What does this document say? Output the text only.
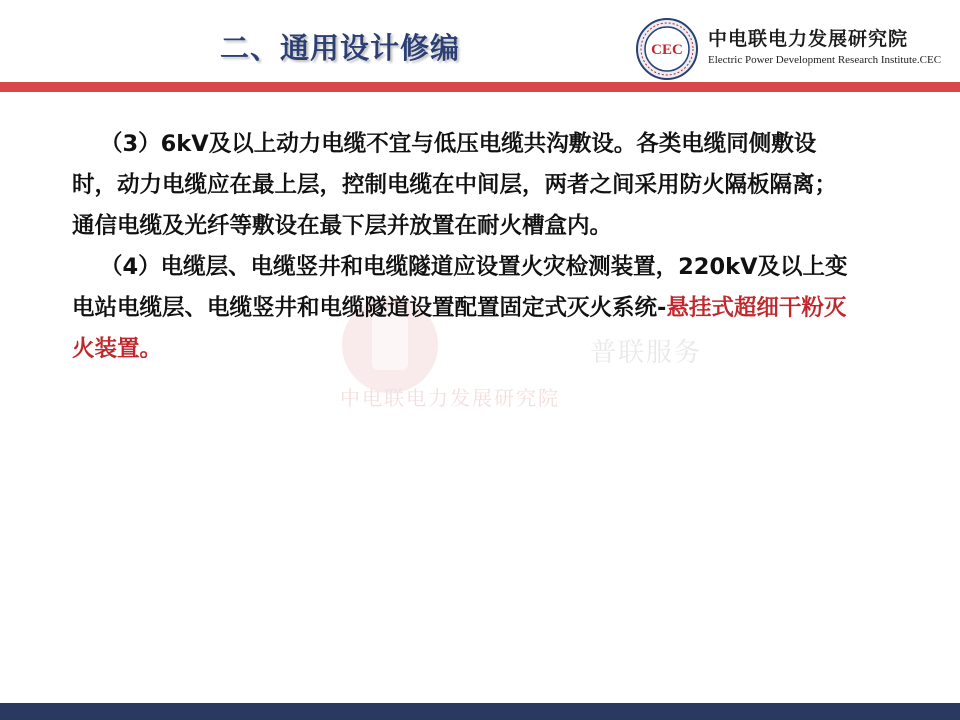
二、通用设计修编	CEC 中电联电力发展研究院
Electric Power Development Research Institute.CEC
普联服务
中电联电力发展研究院

（3）6kV及以上动力电缆不宜与低压电缆共沟敷设。各类电缆同侧敷设时，动力电缆应在最上层，控制电缆在中间层，两者之间采用防火隔板隔离；通信电缆及光纤等敷设在最下层并放置在耐火槽盒内。

（4）电缆层、电缆竖井和电缆隧道应设置火灾检测装置，220kV及以上变电站电缆层、电缆竖井和电缆隧道设置配置固定式灭火系统-悬挂式超细干粉灭火装置。
